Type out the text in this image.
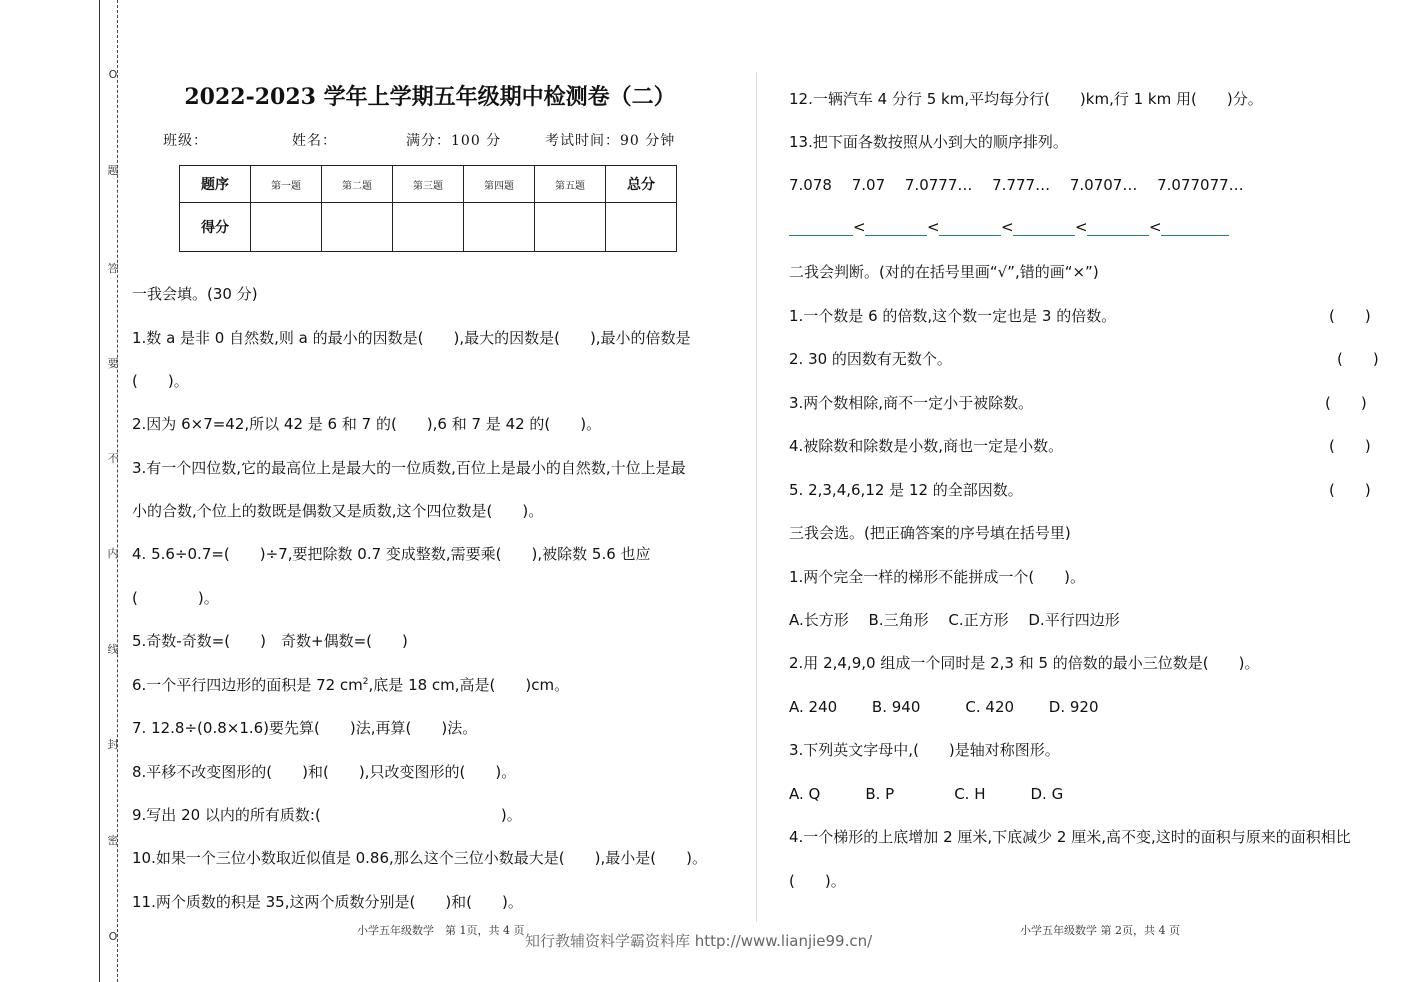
O
题
答
要
不
内
线
封
密
O
2022-2023 学年上学期五年级期中检测卷（二）
班级：	姓名：	满分：100 分	考试时间：90 分钟
题序	第一题	第二题	第三题	第四题	第五题	总分
得分						
一我会填。(30 分)
1.数 a 是非 0 自然数,则 a 的最小的因数是(　　),最大的因数是(　　),最小的倍数是
(　　)。
2.因为 6×7=42,所以 42 是 6 和 7 的(　　),6 和 7 是 42 的(　　)。
3.有一个四位数,它的最高位上是最大的一位质数,百位上是最小的自然数,十位上是最
小的合数,个位上的数既是偶数又是质数,这个四位数是(　　)。
4. 5.6÷0.7=(　　)÷7,要把除数 0.7 变成整数,需要乘(　　),被除数 5.6 也应
(　　　　)。
5.奇数-奇数=(　　)　奇数+偶数=(　　)
6.一个平行四边形的面积是 72 $cm^2$,底是 18 cm,高是(　　)cm。
7. 12.8÷(0.8×1.6)要先算(　　)法,再算(　　)法。
8.平移不改变图形的(　　)和(　　),只改变图形的(　　)。
9.写出 20 以内的所有质数:(　　　　　　　　　　　　)。
10.如果一个三位小数取近似值是 0.86,那么这个三位小数最大是(　　),最小是(　　)。
11.两个质数的积是 35,这两个质数分别是(　　)和(　　)。
12.一辆汽车 4 分行 5 km,平均每分行(　　)km,行 1 km 用(　　)分。
13.把下面各数按照从小到大的顺序排列。
7.078　 7.07　 7.0777…　 7.777…　 7.0707…　 7.077077…
<	<	<	<	<
二我会判断。(对的在括号里画“√”,错的画“×”)
1.一个数是 6 的倍数,这个数一定也是 3 的倍数。	(　　)
2. 30 的因数有无数个。	(　　)
3.两个数相除,商不一定小于被除数。	(　　)
4.被除数和除数是小数,商也一定是小数。	(　　)
5. 2,3,4,6,12 是 12 的全部因数。	(　　)
三我会选。(把正确答案的序号填在括号里)
1.两个完全一样的梯形不能拼成一个(　　)。
A.长方形　 B.三角形　 C.正方形　 D.平行四边形
2.用 2,4,9,0 组成一个同时是 2,3 和 5 的倍数的最小三位数是(　　)。
A. 240　　 B. 940　　　C. 420　　 D. 920
3.下列英文字母中,(　　)是轴对称图形。
A. Q　　　B. P　　　　C. H　　　D. G
4.一个梯形的上底增加 2 厘米,下底减少 2 厘米,高不变,这时的面积与原来的面积相比
(　　)。
小学五年级数学　第 1页，共 4 页	小学五年级数学 第 2页，共 4 页
知行教辅资料学霸资料库 http://www.lianjie99.cn/
